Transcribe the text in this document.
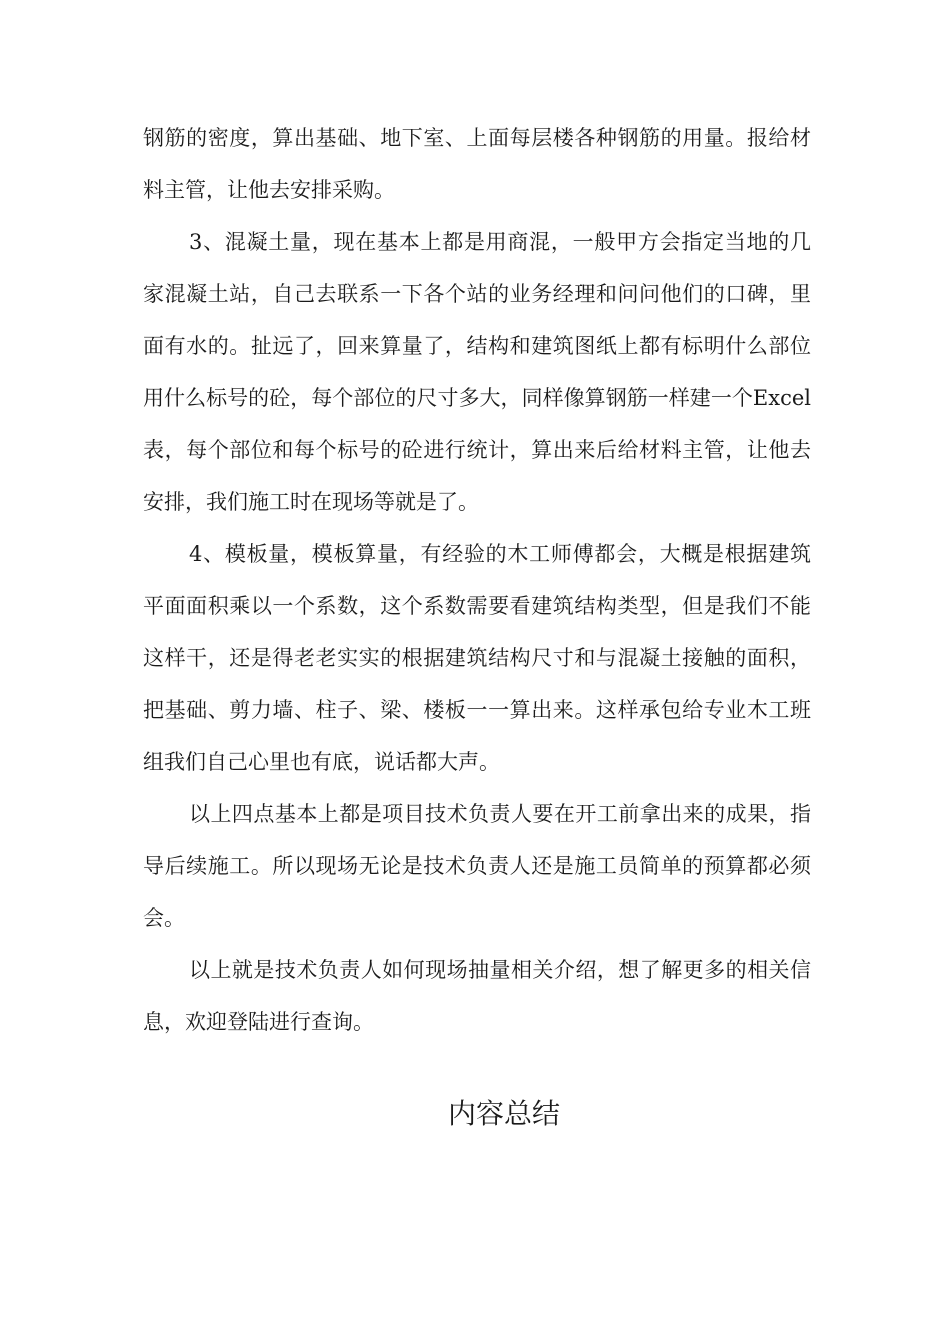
钢筋的密度，算出基础、地下室、上面每层楼各种钢筋的用量。报给材料主管，让他去安排采购。

3、混凝土量，现在基本上都是用商混，一般甲方会指定当地的几家混凝土站，自己去联系一下各个站的业务经理和问问他们的口碑，里面有水的。扯远了，回来算量了，结构和建筑图纸上都有标明什么部位用什么标号的砼，每个部位的尺寸多大，同样像算钢筋一样建一个Excel表，每个部位和每个标号的砼进行统计，算出来后给材料主管，让他去安排，我们施工时在现场等就是了。

4、模板量，模板算量，有经验的木工师傅都会，大概是根据建筑平面面积乘以一个系数，这个系数需要看建筑结构类型，但是我们不能这样干，还是得老老实实的根据建筑结构尺寸和与混凝土接触的面积，把基础、剪力墙、柱子、梁、楼板一一算出来。这样承包给专业木工班组我们自己心里也有底，说话都大声。

以上四点基本上都是项目技术负责人要在开工前拿出来的成果，指导后续施工。所以现场无论是技术负责人还是施工员简单的预算都必须会。

以上就是技术负责人如何现场抽量相关介绍，想了解更多的相关信息，欢迎登陆进行查询。

内容总结
